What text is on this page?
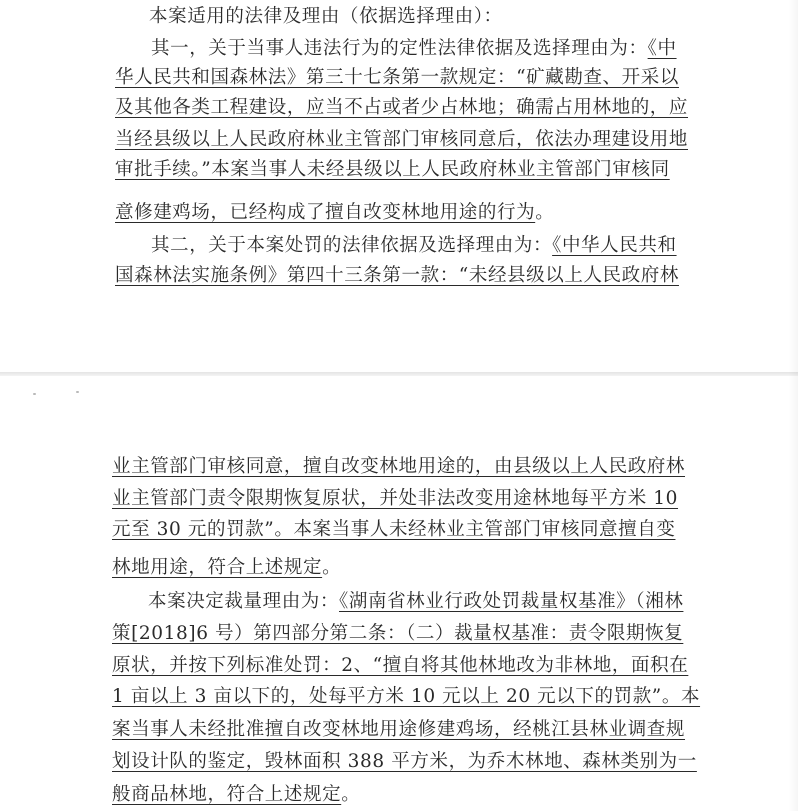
本案适用的法律及理由（依据选择理由）：
其一，关于当事人违法行为的定性法律依据及选择理由为：《中
华人民共和国森林法》第三十七条第一款规定：“矿藏勘查、开采以
及其他各类工程建设，应当不占或者少占林地；确需占用林地的，应
当经县级以上人民政府林业主管部门审核同意后，依法办理建设用地
审批手续。”本案当事人未经县级以上人民政府林业主管部门审核同
意修建鸡场，已经构成了擅自改变林地用途的行为。
其二，关于本案处罚的法律依据及选择理由为：《中华人民共和
国森林法实施条例》第四十三条第一款：“未经县级以上人民政府林
业主管部门审核同意，擅自改变林地用途的，由县级以上人民政府林
业主管部门责令限期恢复原状，并处非法改变用途林地每平方米 10
元至 30 元的罚款”。本案当事人未经林业主管部门审核同意擅自变
林地用途，符合上述规定。
本案决定裁量理由为：《湖南省林业行政处罚裁量权基准》（湘林
策[2018]6 号）第四部分第二条：（二）裁量权基准：责令限期恢复
原状，并按下列标准处罚：2、“擅自将其他林地改为非林地，面积在
1 亩以上 3 亩以下的，处每平方米 10 元以上 20 元以下的罚款”。本
案当事人未经批准擅自改变林地用途修建鸡场，经桃江县林业调查规
划设计队的鉴定，毁林面积 388 平方米，为乔木林地、森林类别为一
般商品林地，符合上述规定。
